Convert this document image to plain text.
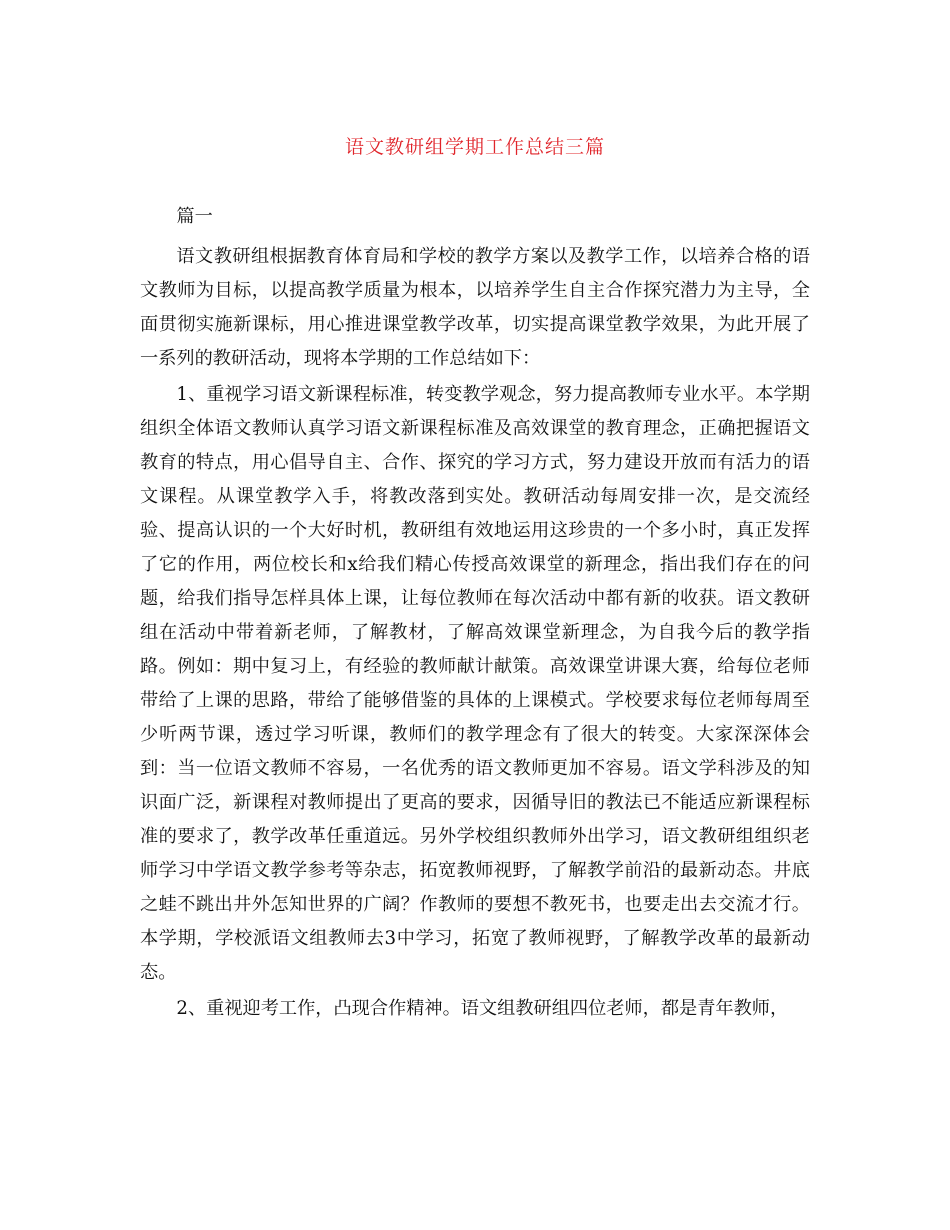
语文教研组学期工作总结三篇

篇一

语文教研组根据教育体育局和学校的教学方案以及教学工作，以培养合格的语文教师为目标，以提高教学质量为根本，以培养学生自主合作探究潜力为主导，全面贯彻实施新课标，用心推进课堂教学改革，切实提高课堂教学效果，为此开展了一系列的教研活动，现将本学期的工作总结如下：

1、重视学习语文新课程标准，转变教学观念，努力提高教师专业水平。本学期组织全体语文教师认真学习语文新课程标准及高效课堂的教育理念，正确把握语文教育的特点，用心倡导自主、合作、探究的学习方式，努力建设开放而有活力的语文课程。从课堂教学入手，将教改落到实处。教研活动每周安排一次，是交流经验、提高认识的一个大好时机，教研组有效地运用这珍贵的一个多小时，真正发挥了它的作用，两位校长和x给我们精心传授高效课堂的新理念，指出我们存在的问题，给我们指导怎样具体上课，让每位教师在每次活动中都有新的收获。语文教研组在活动中带着新老师，了解教材，了解高效课堂新理念，为自我今后的教学指路。例如：期中复习上，有经验的教师献计献策。高效课堂讲课大赛，给每位老师带给了上课的思路，带给了能够借鉴的具体的上课模式。学校要求每位老师每周至少听两节课，透过学习听课，教师们的教学理念有了很大的转变。大家深深体会到：当一位语文教师不容易，一名优秀的语文教师更加不容易。语文学科涉及的知识面广泛，新课程对教师提出了更高的要求，因循导旧的教法已不能适应新课程标准的要求了，教学改革任重道远。另外学校组织教师外出学习，语文教研组组织老师学习中学语文教学参考等杂志，拓宽教师视野，了解教学前沿的最新动态。井底之蛙不跳出井外怎知世界的广阔？作教师的要想不教死书，也要走出去交流才行。本学期，学校派语文组教师去3中学习，拓宽了教师视野，了解教学改革的最新动态。

2、重视迎考工作，凸现合作精神。语文组教研组四位老师，都是青年教师，
